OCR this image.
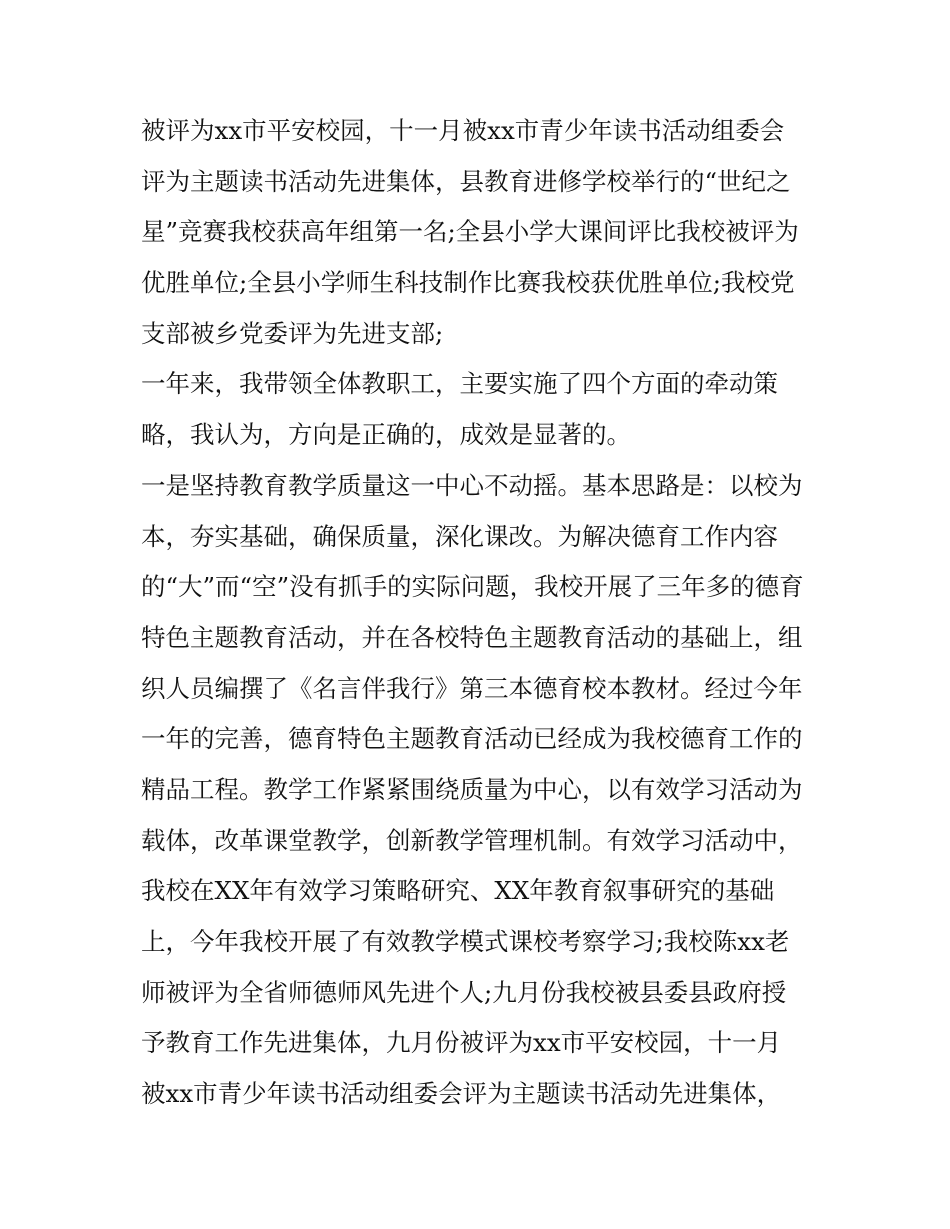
被评为xx市平安校园，十一月被xx市青少年读书活动组委会
评为主题读书活动先进集体，县教育进修学校举行的“世纪之
星”竞赛我校获高年组第一名;全县小学大课间评比我校被评为
优胜单位;全县小学师生科技制作比赛我校获优胜单位;我校党
支部被乡党委评为先进支部;
一年来，我带领全体教职工，主要实施了四个方面的牵动策
略，我认为，方向是正确的，成效是显著的。
一是坚持教育教学质量这一中心不动摇。基本思路是：以校为
本，夯实基础，确保质量，深化课改。为解决德育工作内容
的“大”而“空”没有抓手的实际问题，我校开展了三年多的德育
特色主题教育活动，并在各校特色主题教育活动的基础上，组
织人员编撰了《名言伴我行》第三本德育校本教材。经过今年
一年的完善，德育特色主题教育活动已经成为我校德育工作的
精品工程。教学工作紧紧围绕质量为中心，以有效学习活动为
载体，改革课堂教学，创新教学管理机制。有效学习活动中，
我校在XX年有效学习策略研究、XX年教育叙事研究的基础
上，今年我校开展了有效教学模式课校考察学习;我校陈xx老
师被评为全省师德师风先进个人;九月份我校被县委县政府授
予教育工作先进集体，九月份被评为xx市平安校园，十一月
被xx市青少年读书活动组委会评为主题读书活动先进集体，
